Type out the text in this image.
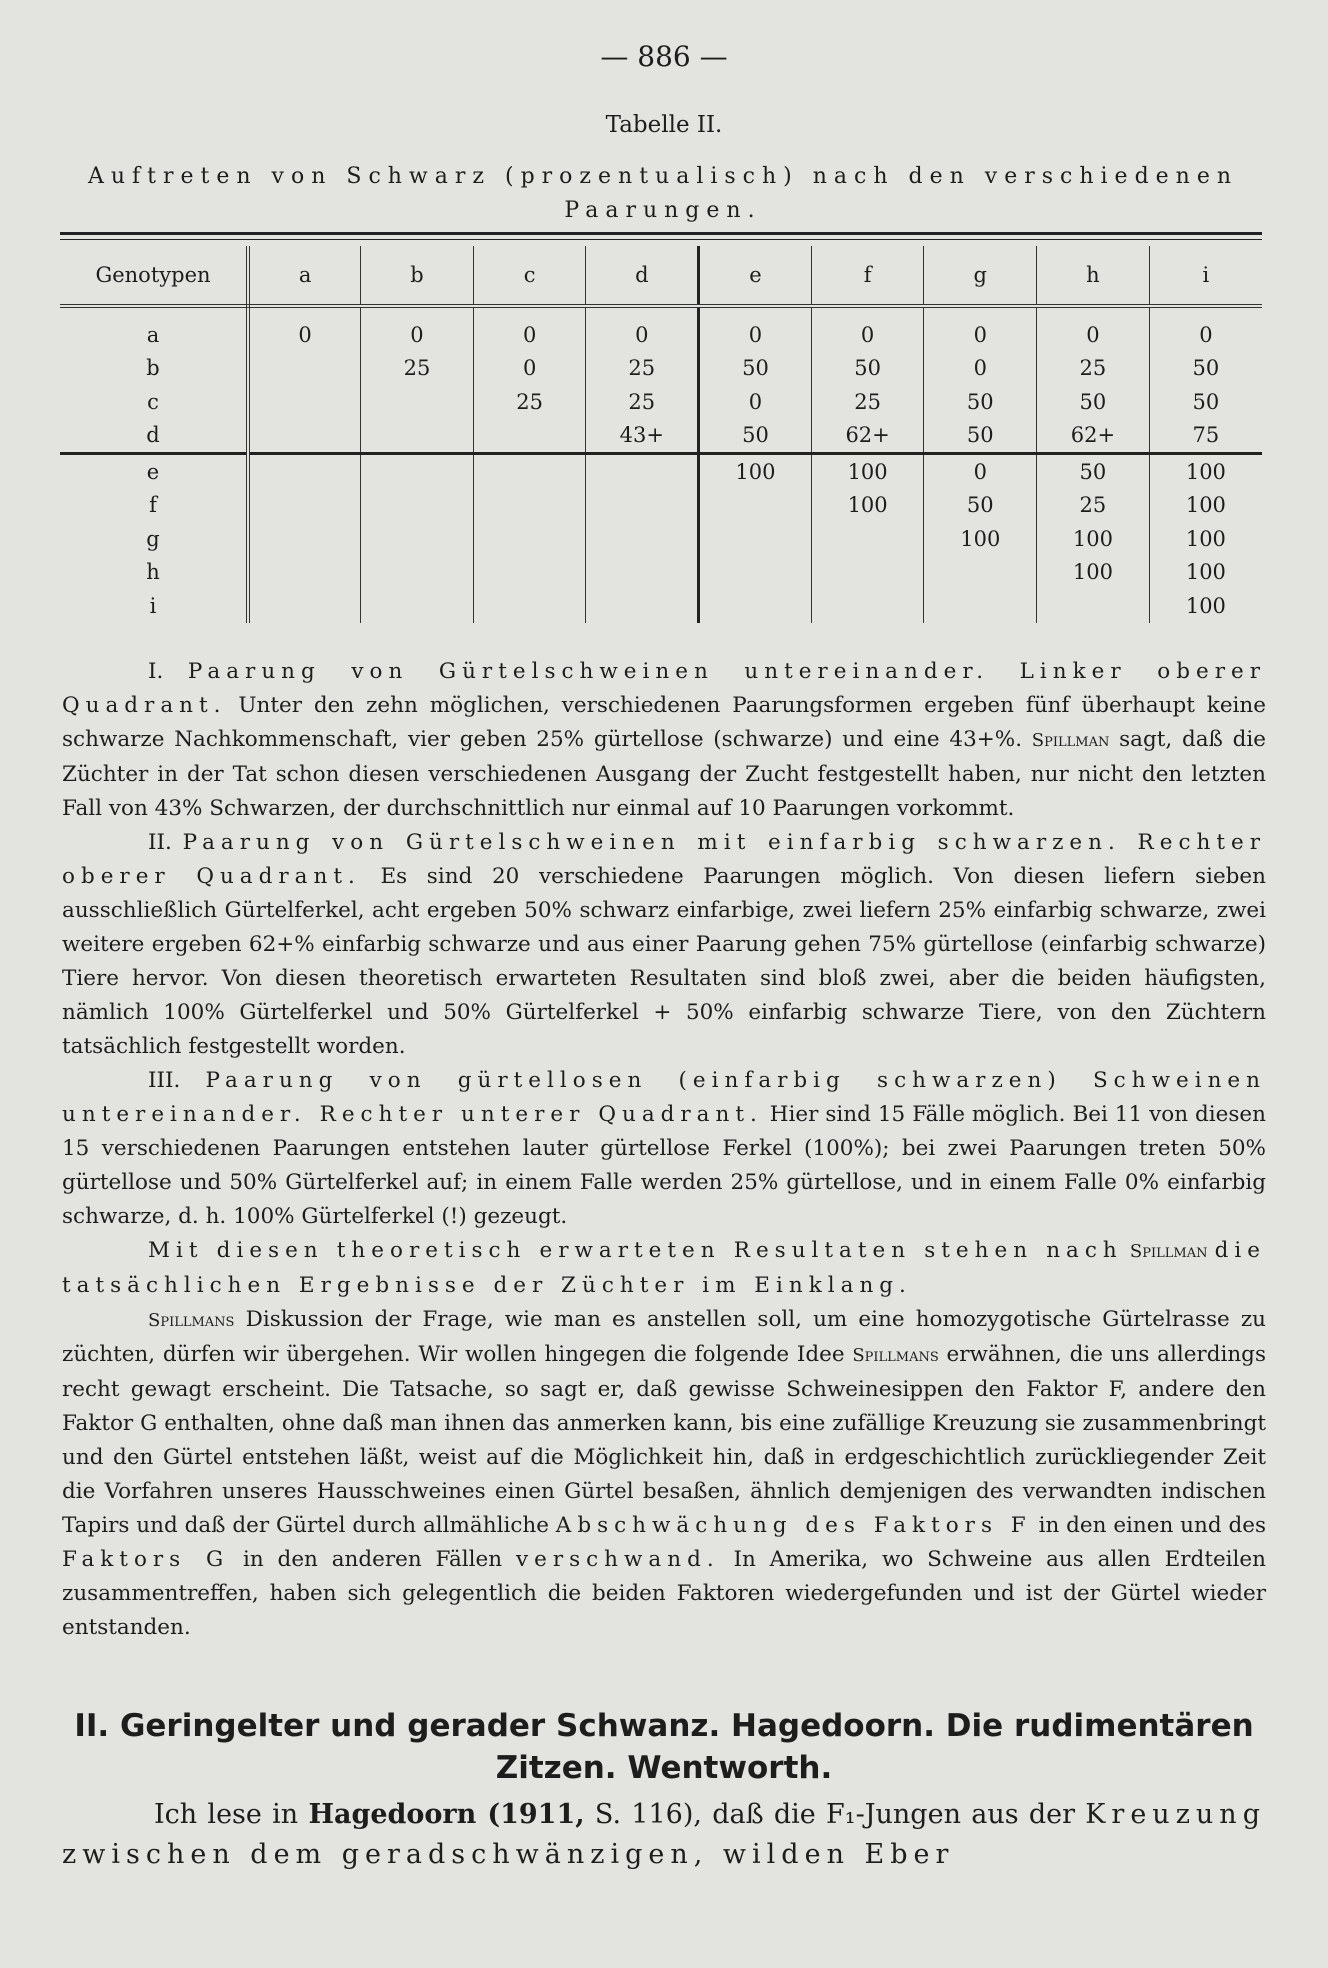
— 886 —
Tabelle II.
Auftreten von Schwarz (prozentualisch) nach den verschiedenen Paarungen.
Genotypen	a	b	c	d	e	f	g	h	i

a	0	0	0	0	0	0	0	0	0
b		25	0	25	50	50	0	25	50
c			25	25	0	25	50	50	50
d				43+	50	62+	50	62+	75
e					100	100	0	50	100
f						100	50	25	100
g							100	100	100
h								100	100
i									100

I. Paarung von Gürtelschweinen untereinander. Linker oberer Quadrant. Unter den zehn möglichen, verschiedenen Paarungsformen ergeben fünf überhaupt keine schwarze Nachkommenschaft, vier geben 25% gürtellose (schwarze) und eine 43+%. Spillman sagt, daß die Züchter in der Tat schon diesen verschiedenen Ausgang der Zucht festgestellt haben, nur nicht den letzten Fall von 43% Schwarzen, der durchschnittlich nur einmal auf 10 Paarungen vorkommt.

II. Paarung von Gürtelschweinen mit einfarbig schwarzen. Rechter oberer Quadrant. Es sind 20 verschiedene Paarungen möglich. Von diesen liefern sieben ausschließlich Gürtelferkel, acht ergeben 50% schwarz einfarbige, zwei liefern 25% einfarbig schwarze, zwei weitere ergeben 62+% einfarbig schwarze und aus einer Paarung gehen 75% gürtellose (einfarbig schwarze) Tiere hervor. Von diesen theoretisch erwarteten Resultaten sind bloß zwei, aber die beiden häufigsten, nämlich 100% Gürtelferkel und 50% Gürtelferkel + 50% einfarbig schwarze Tiere, von den Züchtern tatsächlich festgestellt worden.

III. Paarung von gürtellosen (einfarbig schwarzen) Schweinen untereinander. Rechter unterer Quadrant. Hier sind 15 Fälle möglich. Bei 11 von diesen 15 verschiedenen Paarungen entstehen lauter gürtellose Ferkel (100%); bei zwei Paarungen treten 50% gürtellose und 50% Gürtelferkel auf; in einem Falle werden 25% gürtellose, und in einem Falle 0% einfarbig schwarze, d. h. 100% Gürtelferkel (!) gezeugt.

Mit diesen theoretisch erwarteten Resultaten stehen nach Spillman die tatsächlichen Ergebnisse der Züchter im Einklang.

Spillmans Diskussion der Frage, wie man es anstellen soll, um eine homozygotische Gürtelrasse zu züchten, dürfen wir übergehen. Wir wollen hingegen die folgende Idee Spillmans erwähnen, die uns allerdings recht gewagt erscheint. Die Tatsache, so sagt er, daß gewisse Schweinesippen den Faktor F, andere den Faktor G enthalten, ohne daß man ihnen das anmerken kann, bis eine zufällige Kreuzung sie zusammenbringt und den Gürtel entstehen läßt, weist auf die Möglichkeit hin, daß in erdgeschichtlich zurückliegender Zeit die Vorfahren unseres Hausschweines einen Gürtel besaßen, ähnlich demjenigen des verwandten indischen Tapirs und daß der Gürtel durch allmähliche Abschwächung des Faktors F in den einen und des Faktors G in den anderen Fällen verschwand. In Amerika, wo Schweine aus allen Erdteilen zusammentreffen, haben sich gelegentlich die beiden Faktoren wiedergefunden und ist der Gürtel wieder entstanden.

II. Geringelter und gerader Schwanz. Hagedoorn. Die rudimentären Zitzen. Wentworth.

Ich lese in Hagedoorn (1911, S. 116), daß die F₁-Jungen aus der Kreuzung zwischen dem geradschwänzigen, wilden Eber
